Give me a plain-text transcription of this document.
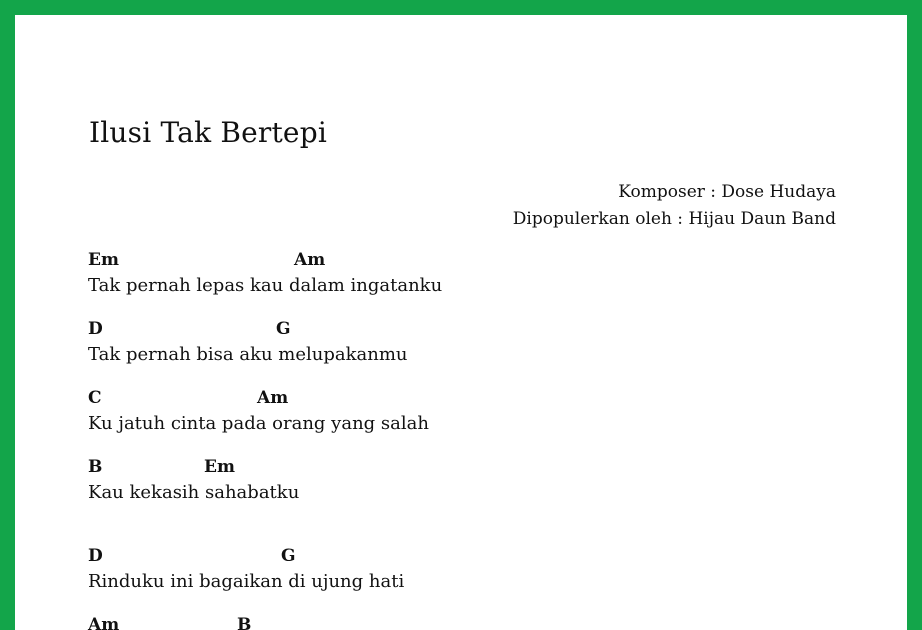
Ilusi Tak Bertepi
Komposer : Dose Hudaya
Dipopulerkan oleh : Hijau Daun Band
Em	Am
Tak pernah lepas kau dalam ingatanku
D	G
Tak pernah bisa aku melupakanmu
C	Am
Ku jatuh cinta pada orang yang salah
B	Em
Kau kekasih sahabatku
D	G
Rinduku ini bagaikan di ujung hati
Am	B
